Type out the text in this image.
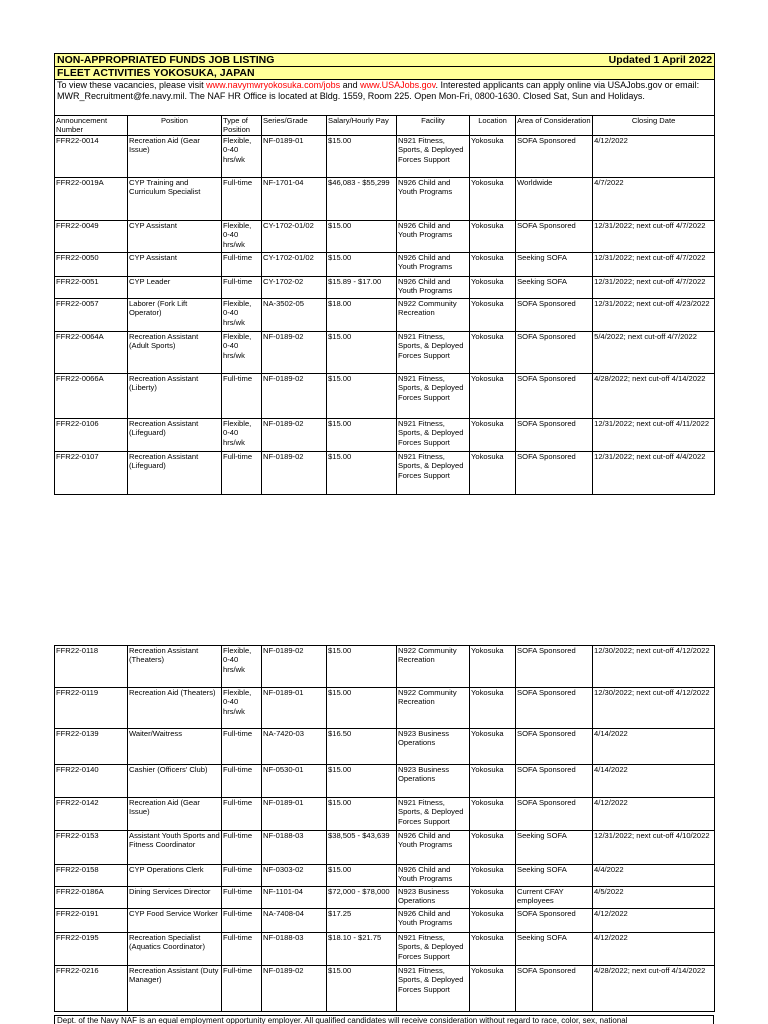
NON-APPROPRIATED FUNDS JOB LISTING							Updated 1 April 2022	
FLEET ACTIVITIES YOKOSUKA, JAPAN								
To view these vacancies, please visit www.navymwryokosuka.com/jobs and www.USAJobs.gov. Interested applicants can apply online via USAJobs.gov or email: MWR_Recruitment@fe.navy.mil. The NAF HR Office is located at Bldg. 1559, Room 225. Open Mon-Fri, 0800-1630. Closed Sat, Sun and Holidays.								
Announcement Number	Position	Type of Position	Series/Grade	Salary/Hourly Pay	Facility	Location	Area of Consideration	Closing Date
FFR22-0014	Recreation Aid (Gear Issue)	Flexible, 0-40 hrs/wk	NF-0189-01	$15.00	N921 Fitness, Sports, & Deployed Forces Support	Yokosuka	SOFA Sponsored	4/12/2022
FFR22-0019A	CYP Training and Curriculum Specialist	Full-time	NF-1701-04	$46,083 - $55,299	N926 Child and Youth Programs	Yokosuka	Worldwide	4/7/2022
FFR22-0049	CYP Assistant	Flexible, 0-40 hrs/wk	CY-1702-01/02	$15.00	N926 Child and Youth Programs	Yokosuka	SOFA Sponsored	12/31/2022; next cut-off 4/7/2022
FFR22-0050	CYP Assistant	Full-time	CY-1702-01/02	$15.00	N926 Child and Youth Programs	Yokosuka	Seeking SOFA	12/31/2022; next cut-off 4/7/2022
FFR22-0051	CYP Leader	Full-time	CY-1702-02	$15.89 - $17.00	N926 Child and Youth Programs	Yokosuka	Seeking SOFA	12/31/2022; next cut-off 4/7/2022
FFR22-0057	Laborer (Fork Lift Operator)	Flexible, 0-40 hrs/wk	NA-3502-05	$18.00	N922 Community Recreation	Yokosuka	SOFA Sponsored	12/31/2022; next cut-off 4/23/2022
FFR22-0064A	Recreation Assistant (Adult Sports)	Flexible, 0-40 hrs/wk	NF-0189-02	$15.00	N921 Fitness, Sports, & Deployed Forces Support	Yokosuka	SOFA Sponsored	5/4/2022; next cut-off 4/7/2022
FFR22-0066A	Recreation Assistant (Liberty)	Full-time	NF-0189-02	$15.00	N921 Fitness, Sports, & Deployed Forces Support	Yokosuka	SOFA Sponsored	4/28/2022; next cut-off 4/14/2022
FFR22-0106	Recreation Assistant (Lifeguard)	Flexible, 0-40 hrs/wk	NF-0189-02	$15.00	N921 Fitness, Sports, & Deployed Forces Support	Yokosuka	SOFA Sponsored	12/31/2022; next cut-off 4/11/2022
FFR22-0107	Recreation Assistant (Lifeguard)	Full-time	NF-0189-02	$15.00	N921 Fitness, Sports, & Deployed Forces Support	Yokosuka	SOFA Sponsored	12/31/2022; next cut-off 4/4/2022
FFR22-0118	Recreation Assistant (Theaters)	Flexible, 0-40 hrs/wk	NF-0189-02	$15.00	N922 Community Recreation	Yokosuka	SOFA Sponsored	12/30/2022; next cut-off 4/12/2022
FFR22-0119	Recreation Aid (Theaters)	Flexible, 0-40 hrs/wk	NF-0189-01	$15.00	N922 Community Recreation	Yokosuka	SOFA Sponsored	12/30/2022; next cut-off 4/12/2022
FFR22-0139	Waiter/Waitress	Full-time	NA-7420-03	$16.50	N923 Business Operations	Yokosuka	SOFA Sponsored	4/14/2022
FFR22-0140	Cashier (Officers' Club)	Full-time	NF-0530-01	$15.00	N923 Business Operations	Yokosuka	SOFA Sponsored	4/14/2022
FFR22-0142	Recreation Aid (Gear Issue)	Full-time	NF-0189-01	$15.00	N921 Fitness, Sports, & Deployed Forces Support	Yokosuka	SOFA Sponsored	4/12/2022
FFR22-0153	Assistant Youth Sports and Fitness Coordinator	Full-time	NF-0188-03	$38,505 - $43,639	N926 Child and Youth Programs	Yokosuka	Seeking SOFA	12/31/2022; next cut-off 4/10/2022
FFR22-0158	CYP Operations Clerk	Full-time	NF-0303-02	$15.00	N926 Child and Youth Programs	Yokosuka	Seeking SOFA	4/4/2022
FFR22-0186A	Dining Services Director	Full-time	NF-1101-04	$72,000 - $78,000	N923 Business Operations	Yokosuka	Current CFAY employees	4/5/2022
FFR22-0191	CYP Food Service Worker	Full-time	NA-7408-04	$17.25	N926 Child and Youth Programs	Yokosuka	SOFA Sponsored	4/12/2022
FFR22-0195	Recreation Specialist (Aquatics Coordinator)	Full-time	NF-0188-03	$18.10 - $21.75	N921 Fitness, Sports, & Deployed Forces Support	Yokosuka	Seeking SOFA	4/12/2022
FFR22-0216	Recreation Assistant (Duty Manager)	Full-time	NF-0189-02	$15.00	N921 Fitness, Sports, & Deployed Forces Support	Yokosuka	SOFA Sponsored	4/28/2022; next cut-off 4/14/2022
Dept. of the Navy NAF is an equal employment opportunity employer. All qualified candidates will receive consideration without regard to race, color, sex, national
